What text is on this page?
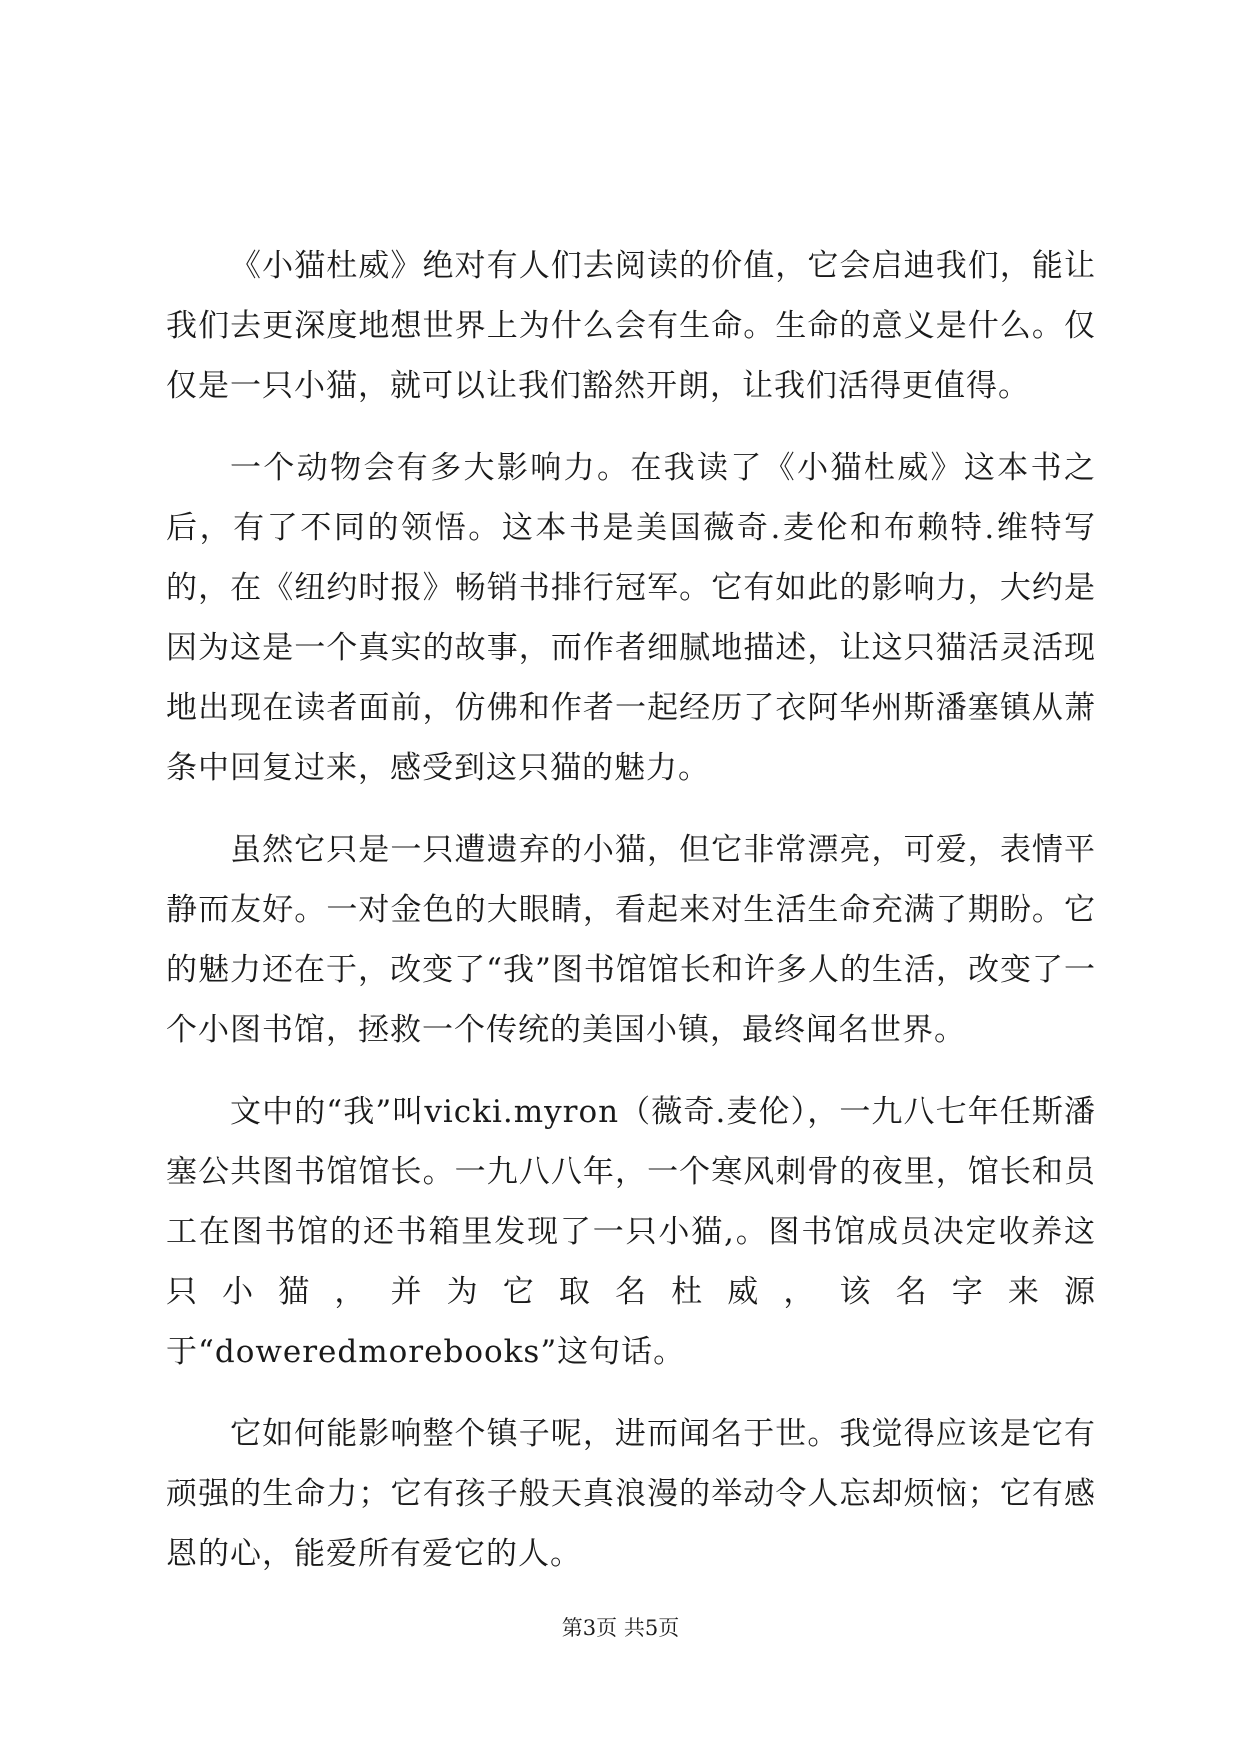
《小猫杜威》绝对有人们去阅读的价值，它会启迪我们，能让我们去更深度地想世界上为什么会有生命。生命的意义是什么。仅仅是一只小猫，就可以让我们豁然开朗，让我们活得更值得。

一个动物会有多大影响力。在我读了《小猫杜威》这本书之后，有了不同的领悟。这本书是美国薇奇.麦伦和布赖特.维特写的，在《纽约时报》畅销书排行冠军。它有如此的影响力，大约是因为这是一个真实的故事，而作者细腻地描述，让这只猫活灵活现地出现在读者面前，仿佛和作者一起经历了衣阿华州斯潘塞镇从萧条中回复过来，感受到这只猫的魅力。

虽然它只是一只遭遗弃的小猫，但它非常漂亮，可爱，表情平静而友好。一对金色的大眼睛，看起来对生活生命充满了期盼。它的魅力还在于，改变了“我”图书馆馆长和许多人的生活，改变了一个小图书馆，拯救一个传统的美国小镇，最终闻名世界。

文中的“我”叫vicki.myron（薇奇.麦伦），一九八七年任斯潘塞公共图书馆馆长。一九八八年，一个寒风刺骨的夜里，馆长和员工在图书馆的还书箱里发现了一只小猫,。图书馆成员决定收养这只小猫，并为它取名杜威，该名字来源于“doweredmorebooks”这句话。

它如何能影响整个镇子呢，进而闻名于世。我觉得应该是它有顽强的生命力；它有孩子般天真浪漫的举动令人忘却烦恼；它有感恩的心，能爱所有爱它的人。

第3页 共5页
